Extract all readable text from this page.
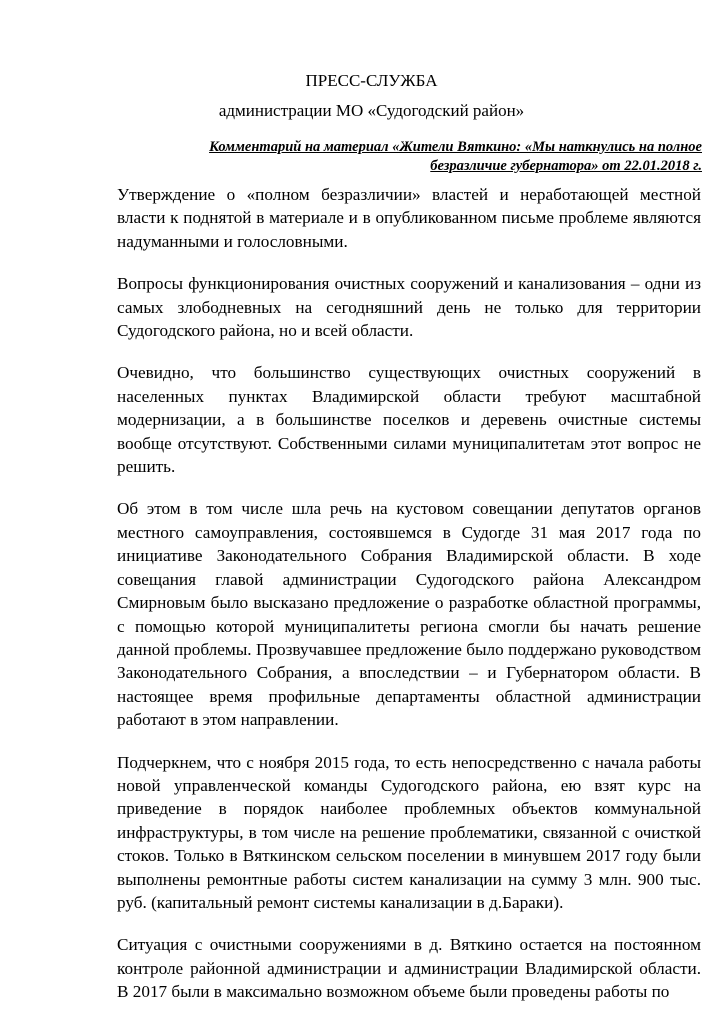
ПРЕСС-СЛУЖБА
администрации МО «Судогодский район»
Комментарий на материал «Жители Вяткино: «Мы наткнулись на полное
безразличие губернатора» от 22.01.2018 г.

Утверждение о «полном безразличии» властей и неработающей местной власти к поднятой в материале и в опубликованном письме проблеме являются надуманными и голословными.

Вопросы функционирования очистных сооружений и канализования – одни из самых злободневных на сегодняшний день не только для территории Судогодского района, но и всей области.

Очевидно, что большинство существующих очистных сооружений в населенных пунктах Владимирской области требуют масштабной модернизации, а в большинстве поселков и деревень очистные системы вообще отсутствуют. Собственными силами муниципалитетам этот вопрос не решить.

Об этом в том числе шла речь на кустовом совещании депутатов органов местного самоуправления, состоявшемся в Судогде 31 мая 2017 года по инициативе Законодательного Собрания Владимирской области. В ходе совещания главой администрации Судогодского района Александром Смирновым было высказано предложение о разработке областной программы, с помощью которой муниципалитеты региона смогли бы начать решение данной проблемы. Прозвучавшее предложение было поддержано руководством Законодательного Собрания, а впоследствии – и Губернатором области. В настоящее время профильные департаменты областной администрации работают в этом направлении.

Подчеркнем, что с ноября 2015 года, то есть непосредственно с начала работы новой управленческой команды Судогодского района, ею взят курс на приведение в порядок наиболее проблемных объектов коммунальной инфраструктуры, в том числе на решение проблематики, связанной с очисткой стоков. Только в Вяткинском сельском поселении в минувшем 2017 году были выполнены ремонтные работы систем канализации на сумму 3 млн. 900 тыс. руб. (капитальный ремонт системы канализации в д.Бараки).

Ситуация с очистными сооружениями в д. Вяткино остается на постоянном контроле районной администрации и администрации Владимирской области. В 2017 были в максимально возможном объеме были проведены работы по
